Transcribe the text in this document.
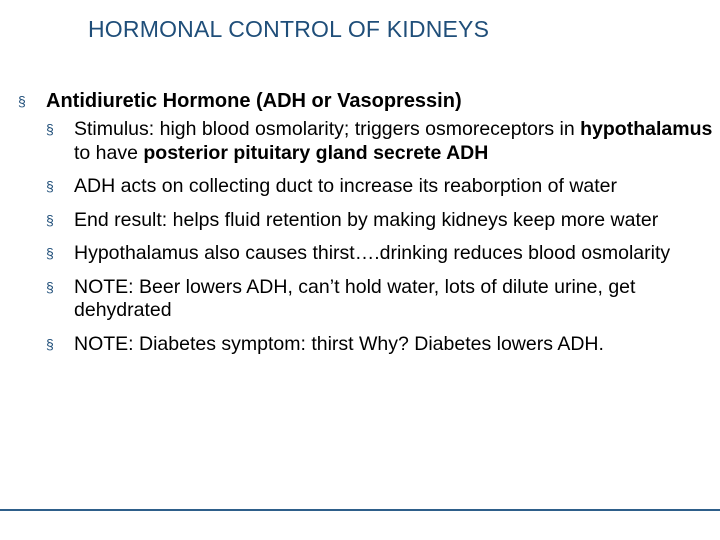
HORMONAL CONTROL OF KIDNEYS
§ Antidiuretic Hormone (ADH or Vasopressin)
§ Stimulus: high blood osmolarity; triggers osmoreceptors in hypothalamus to have posterior pituitary gland secrete ADH
§ ADH acts on collecting duct to increase its reaborption of water
§ End result: helps fluid retention by making kidneys keep more water
§ Hypothalamus also causes thirst….drinking reduces blood osmolarity
§ NOTE: Beer lowers ADH, can’t hold water, lots of dilute urine, get dehydrated
§ NOTE: Diabetes symptom: thirst Why? Diabetes lowers ADH.
